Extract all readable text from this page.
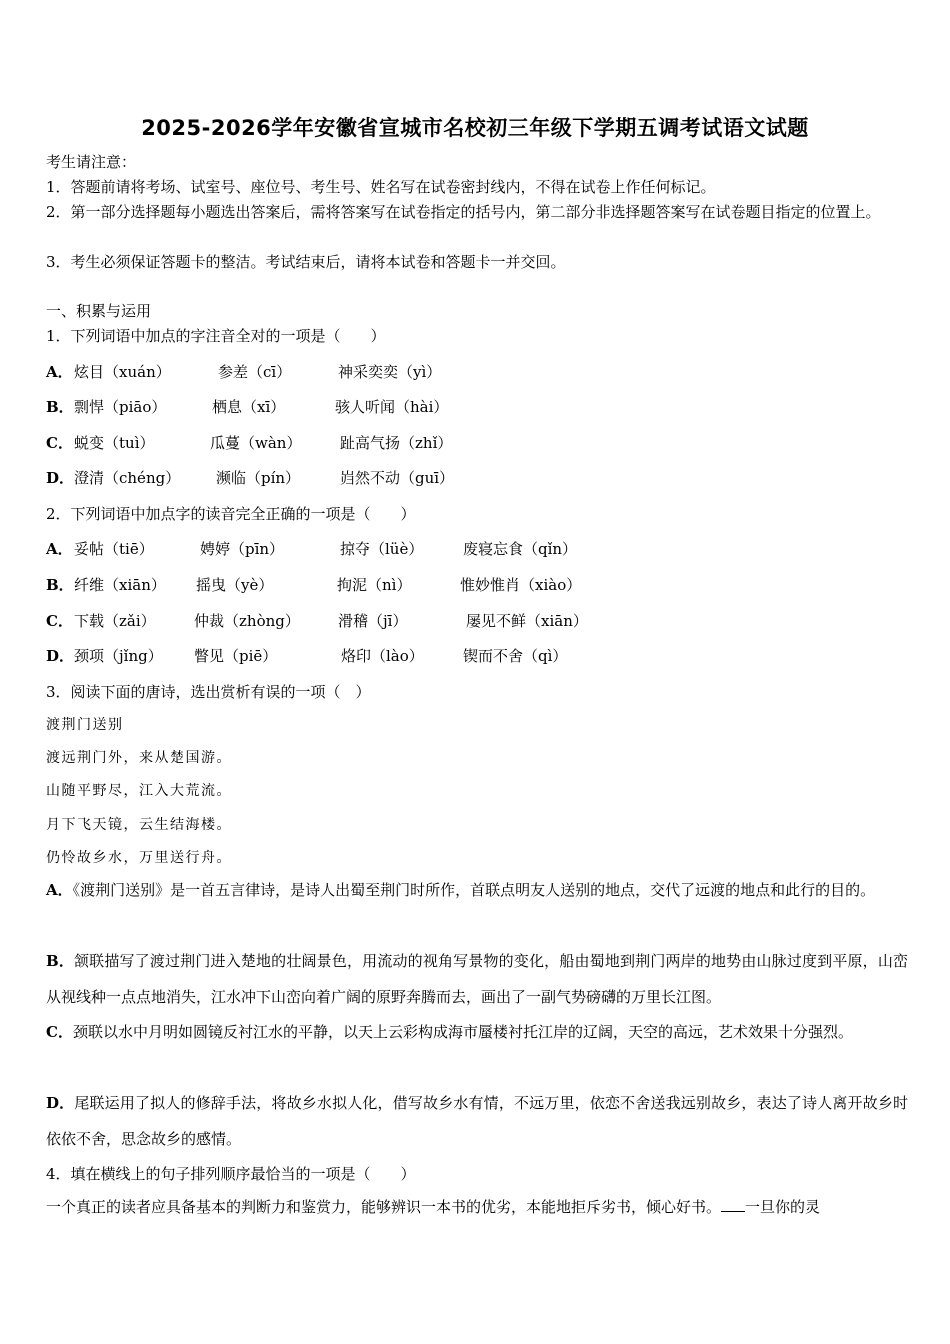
2025-2026学年安徽省宣城市名校初三年级下学期五调考试语文试题
考生请注意：
1．答题前请将考场、试室号、座位号、考生号、姓名写在试卷密封线内，不得在试卷上作任何标记。
2．第一部分选择题每小题选出答案后，需将答案写在试卷指定的括号内，第二部分非选择题答案写在试卷题目指定的位置上。
3．考生必须保证答题卡的整洁。考试结束后，请将本试卷和答题卡一并交回。
一、积累与运用
1．下列词语中加点的字注音全对的一项是（　　）
A． 炫目（xuán）	参差（cī）	神采奕奕（yì）
B． 剽悍（piāo）	栖息（xī）	骇人听闻（hài）
C． 蜕变（tuì）	瓜蔓（wàn）	趾高气扬（zhǐ）
D． 澄清（chéng） 濒临（pín）	岿然不动（guī）
2．下列词语中加点字的读音完全正确的一项是（　　）
A． 妥帖（tiē）	娉婷（pīn）	掠夺（lüè）	废寝忘食（qǐn）
B． 纤维（xiān） 摇曳（yè）	拘泥（nì）	惟妙惟肖（xiào）
C． 下载（zǎi）	仲裁（zhòng）	滑稽（jī）	屡见不鲜（xiān）
D． 颈项（jǐng） 瞥见（piē）	烙印（lào）	锲而不舍（qì）
3．阅读下面的唐诗，选出赏析有误的一项（　）
渡荆门送别
渡远荆门外，来从楚国游。
山随平野尽，江入大荒流。
月下飞天镜，云生结海楼。
仍怜故乡水，万里送行舟。
A．《渡荆门送别》是一首五言律诗，是诗人出蜀至荆门时所作，首联点明友人送别的地点，交代了远渡的地点和此行的目的。
B．颔联描写了渡过荆门进入楚地的壮阔景色，用流动的视角写景物的变化，船由蜀地到荆门两岸的地势由山脉过度到平原，山峦从视线种一点点地消失，江水冲下山峦向着广阔的原野奔腾而去，画出了一副气势磅礴的万里长江图。
C．颈联以水中月明如圆镜反衬江水的平静，以天上云彩构成海市蜃楼衬托江岸的辽阔，天空的高远，艺术效果十分强烈。
D．尾联运用了拟人的修辞手法，将故乡水拟人化，借写故乡水有情，不远万里，依恋不舍送我远别故乡，表达了诗人离开故乡时依依不舍，思念故乡的感情。
4．填在横线上的句子排列顺序最恰当的一项是（　　）
一个真正的读者应具备基本的判断力和鉴赏力，能够辨识一本书的优劣，本能地拒斥劣书，倾心好书。 一旦你的灵
